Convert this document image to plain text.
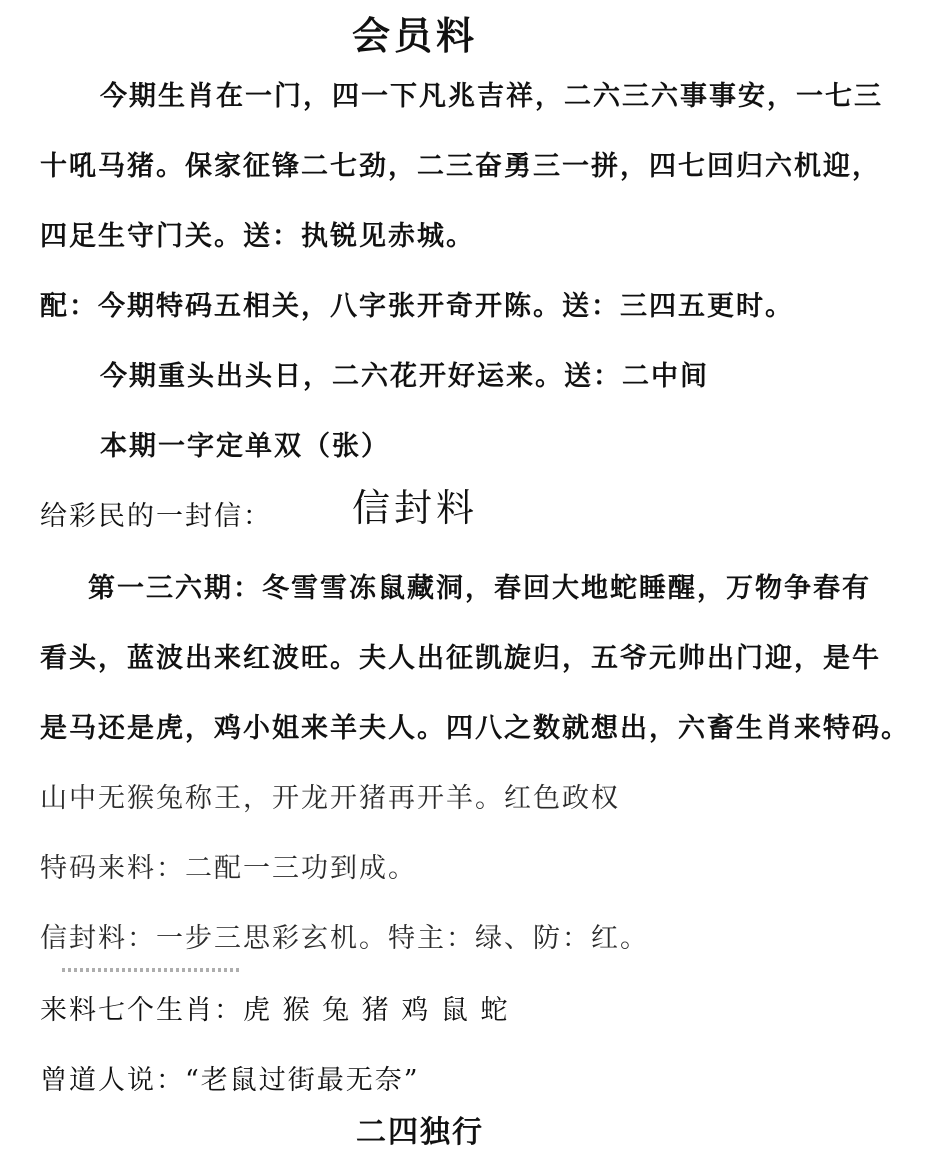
会员料
今期生肖在一门，四一下凡兆吉祥，二六三六事事安，一七三
十吼马猪。保家征锋二七劲，二三奋勇三一拼，四七回归六机迎，
四足生守门关。送：执锐见赤城。
配：今期特码五相关，八字张开奇开陈。送：三四五更时。
今期重头出头日，二六花开好运来。送：二中间
本期一字定单双（张）
给彩民的一封信： 信封料
第一三六期：冬雪雪冻鼠藏洞，春回大地蛇睡醒，万物争春有
看头，蓝波出来红波旺。夫人出征凯旋归，五爷元帅出门迎，是牛
是马还是虎，鸡小姐来羊夫人。四八之数就想出，六畜生肖来特码。
山中无猴兔称王，开龙开猪再开羊。红色政权
特码来料：二配一三功到成。
信封料：一步三思彩玄机。特主：绿、防：红。
来料七个生肖：虎 猴 兔 猪 鸡 鼠 蛇
曾道人说：“老鼠过街最无奈”
二四独行
